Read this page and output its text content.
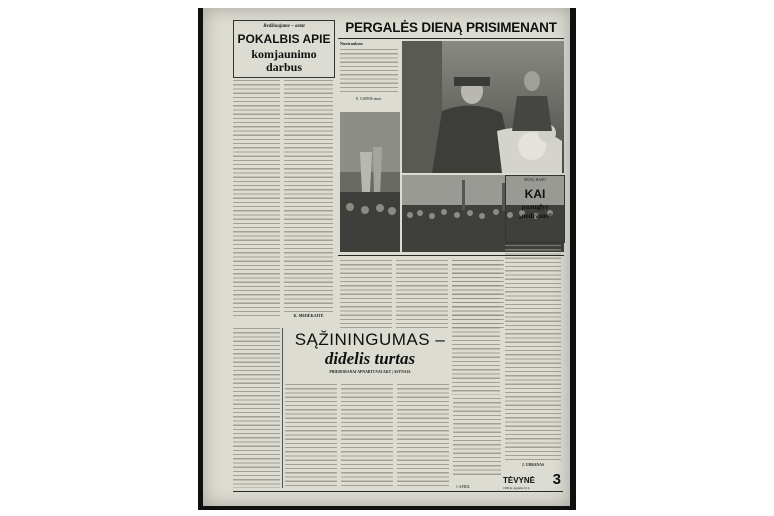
Redžiuojame – astat
POKALBIS APIE
komjaunimo darbus
K. MEDĖKAITĖ
PERGALĖS DIENĄ PRISIMENANT
Nuotraukose
E. GAPRIS nuotr.
MŪSŲ RAŠO
KAI
paauglys
„nedrąsus“
J. URBANAS
SĄŽININGUMAS –
didelis turtas
PRIEDORANAI APNARTUVAI AKT | ASTNAIA
1 APRIL
TĖVYNĖ	3
1989 m. gegužės 10 d.
